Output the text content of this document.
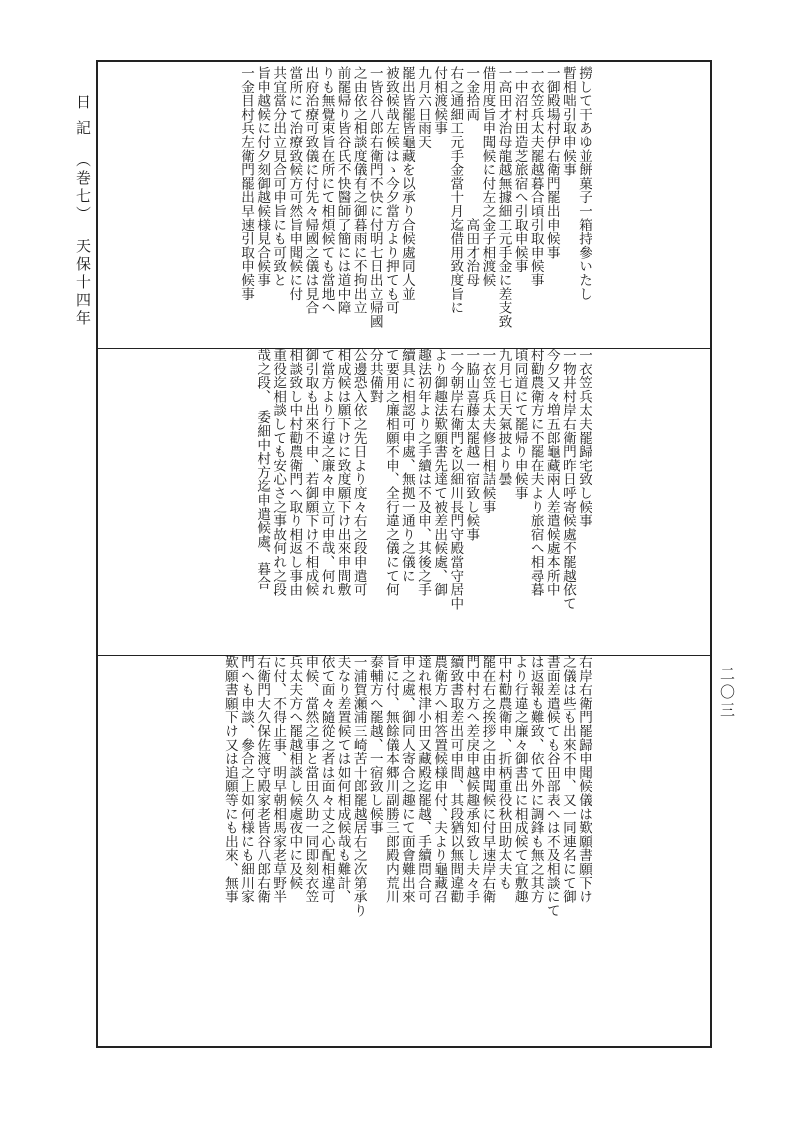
日 記（巻七）天保十四年
二〇三
撈して干あゆ並餅菓子一箱持參いたし
暫相咄引取申候事
一御殿場村伊右衛門罷出申候事
一衣笠兵太夫罷越暮合頃引取申候事
一中沼村田造芝旅宿へ引取申候事
一高田才治母龍越無據細工元手金に差支致
借用度旨申聞候に付左之金子相渡候
一金拾両　　　　　　　高田才治母
右之通細工元手金當十月迄借用致度旨に
付相渡候事
九月六日雨天
罷出皆罷皆龜藏を以承り合候處同人並
被致候哉左候はゝ今夕當方より押ても可
一皆谷八郎右衛門不快に付明七日出立帰國
之由依之相談度儀有之御暮雨に不拘出立
前罷帰り皆谷氏不快醫師了簡には道中障
りも無覺束旨在所にて相煩候ても當地へ
出府治療可致儀に付先々帰國之儀は見合
當所にて治療致候方可然旨申聞候に付
共宜當分出立見合可申旨にも可致と
旨申越候に付夕刻御越候様見合候事
一金目村兵左衛門罷出早速引取申候事
一衣笠兵太夫罷歸宅致し候事
一物井村岸右衛門昨日呼寄候處不罷越依て
今夕又々増五郎龜藏兩人差遣候處本所中
村勸農衛方に不罷在夫より旅宿へ相尋暮
頃同道にて罷帰り申候事
九月七日天氣披より曇
一衣笠兵太夫修日相詰候事
一脇山喜藤太罷越一宿致し候事
一今朝岸右衛門を以細川長門守殿當守居中
より御趣法歎願書先達て被差出候處、御
趣法初年より之手續は不及申、其後之手
續具に相認可申處、無拠一通り之儀に
て要用之廉相願不申、全行違之儀にて何
分共備對
公邊恐入依之先日より度々右之段申遣可
相成候は願下けに致度願下け出來申間敷
て當方より行違之廉々申立可申哉、何れ
御引取も出來不申、若御願下け不相成候
相談致し中村勸農衛門へ取り相返し事由
重役迄相談しても安心さ之事故何れ之段
哉之段、　委細中村方迄申遣候處、暮合
右岸右衛門罷歸申聞候儀は歎願書願下け
之儀は些も出來不申、又一同連名にて御
書面差遣候ても谷田部表へは不及相談にて
は返報も難致、依て外に調鋒も無之其方
より行違之廉々御書出に相成候て宜敷趣
中村勸農衛申、折柄重役秋田助太夫も
罷在右之挨拶之由申聞候に付早速岸右衛
門中村方へ差戾申越候趣承知致し夫々手
續致書取差出可申間、其段猶以無間違勸
農衛方へ相答置候様申付、夫より龜藏召
達れ根津小田又藏殿迄罷越、手續問合可
申之處、御同人寄合之趣にて面會難出來
旨に付、無餘儀本郷川副勝三郎殿内荒川
泰輔方へ罷越、一宿致し候事
一浦賀瀬浦三崎苦十郎罷越居右之次第承り
夫なり差置候ては如何相成候哉も難計、
依て面々隨從之者は面々丈之心配相違可
申候、當然之事と當田久助一同即刻衣笠
兵太夫方へ罷越相談し候處夜中に及候
に付、不得止事、明早朝相馬家老草野半
右衛門大久保佐渡守殿家老皆谷八郎右衛
門へも申談、參合之上如何様にも細川家
歎願書願下け又は追願等にも出來、無事
